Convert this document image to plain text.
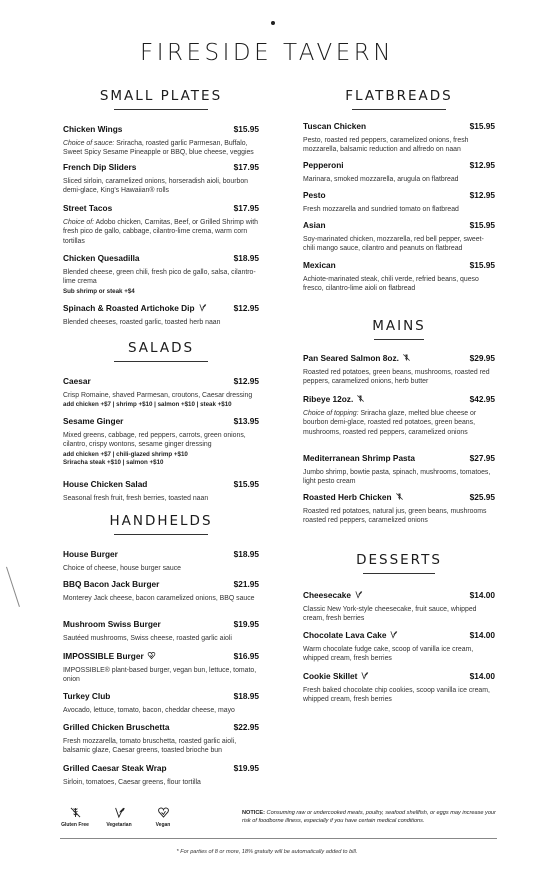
FIRESIDE TAVERN
SMALL PLATES
SALADS
HANDHELDS
FLATBREADS
MAINS
DESSERTS
Chicken Wings	$15.95
Choice of sauce: Sriracha, roasted garlic Parmesan, Buffalo, Sweet Spicy Sesame Pineapple or BBQ, blue cheese, veggies
French Dip Sliders	$17.95
Sliced sirloin, caramelized onions, horseradish aioli, bourbon demi-glace, King's Hawaiian® rolls
Street Tacos	$17.95
Choice of: Adobo chicken, Carnitas, Beef, or Grilled Shrimp with fresh pico de gallo, cabbage, cilantro-lime crema, warm corn tortillas
Chicken Quesadilla	$18.95
Blended cheese, green chili, fresh pico de gallo, salsa, cilantro-lime crema
Sub shrimp or steak +$4
Spinach & Roasted Artichoke Dip	$12.95
Blended cheeses, roasted garlic, toasted herb naan
Caesar	$12.95
Crisp Romaine, shaved Parmesan, croutons, Caesar dressing
add chicken +$7 | shrimp +$10 | salmon +$10 | steak +$10
Sesame Ginger	$13.95
Mixed greens, cabbage, red peppers, carrots, green onions, cilantro, crispy wontons, sesame ginger dressing
add chicken +$7 | chili-glazed shrimp +$10
Sriracha steak +$10 | salmon +$10
House Chicken Salad	$15.95
Seasonal fresh fruit, fresh berries, toasted naan
House Burger	$18.95
Choice of cheese, house burger sauce
BBQ Bacon Jack Burger	$21.95
Monterey Jack cheese, bacon caramelized onions, BBQ sauce
Mushroom Swiss Burger	$19.95
Sautéed mushrooms, Swiss cheese, roasted garlic aioli
IMPOSSIBLE Burger	$16.95
IMPOSSIBLE® plant-based burger, vegan bun, lettuce, tomato, onion
Turkey Club	$18.95
Avocado, lettuce, tomato, bacon, cheddar cheese, mayo
Grilled Chicken Bruschetta	$22.95
Fresh mozzarella, tomato bruschetta, roasted garlic aioli, balsamic glaze, Caesar greens, toasted brioche bun
Grilled Caesar Steak Wrap	$19.95
Sirloin, tomatoes, Caesar greens, flour tortilla
Tuscan Chicken	$15.95
Pesto, roasted red peppers, caramelized onions, fresh mozzarella, balsamic reduction and alfredo on naan
Pepperoni	$12.95
Marinara, smoked mozzarella, arugula on flatbread
Pesto	$12.95
Fresh mozzarella and sundried tomato on flatbread
Asian	$15.95
Soy-marinated chicken, mozzarella, red bell pepper, sweet-chili mango sauce, cilantro and peanuts on flatbread
Mexican	$15.95
Achiote-marinated steak, chili verde, refried beans, queso fresco, cilantro-lime aioli on flatbread
Pan Seared Salmon 8oz.	$29.95
Roasted red potatoes, green beans, mushrooms, roasted red peppers, caramelized onions, herb butter
Ribeye 12oz.	$42.95
Choice of topping: Sriracha glaze, melted blue cheese or bourbon demi-glace, roasted red potatoes, green beans, mushrooms, roasted red peppers, caramelized onions
Mediterranean Shrimp Pasta	$27.95
Jumbo shrimp, bowtie pasta, spinach, mushrooms, tomatoes, light pesto cream
Roasted Herb Chicken	$25.95
Roasted red potatoes, natural jus, green beans, mushrooms roasted red peppers, caramelized onions
Cheesecake	$14.00
Classic New York-style cheesecake, fruit sauce, whipped cream, fresh berries
Chocolate Lava Cake	$14.00
Warm chocolate fudge cake, scoop of vanilla ice cream, whipped cream, fresh berries
Cookie Skillet	$14.00
Fresh baked chocolate chip cookies, scoop vanilla ice cream, whipped cream, fresh berries
Gluten Free	Vegetarian	Vegan
NOTICE: Consuming raw or undercooked meats, poultry, seafood shellfish, or eggs may increase your risk of foodborne illness, especially if you have certain medical conditions.
* For parties of 8 or more, 18% gratuity will be automatically added to bill.
